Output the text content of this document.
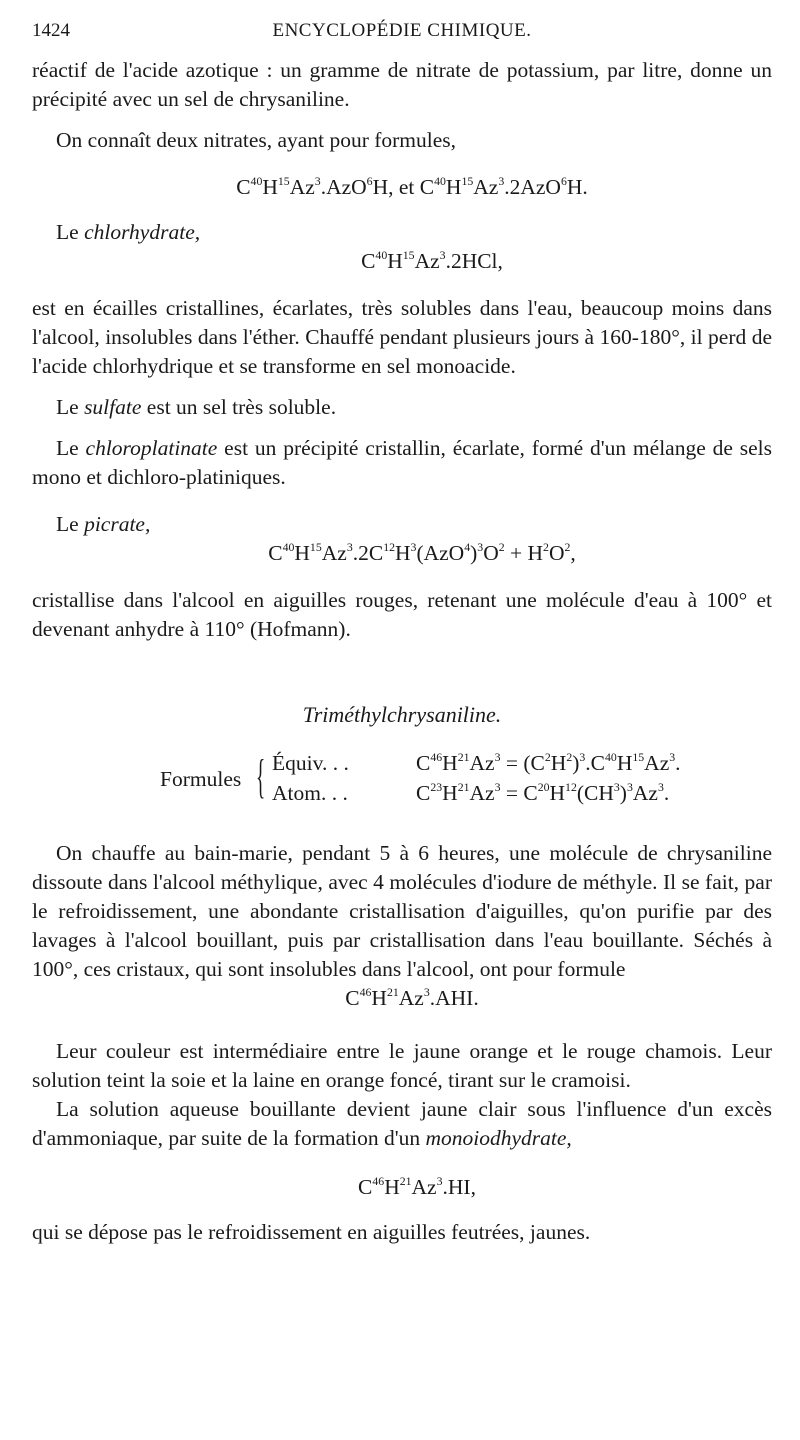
1424	ENCYCLOPÉDIE CHIMIQUE.

réactif de l'acide azotique : un gramme de nitrate de potassium, par litre, donne un précipité avec un sel de chrysaniline.

On connaît deux nitrates, ayant pour formules,

$C^{40}H^{15}Az^3.AzO^6H$, et $C^{40}H^{15}Az^3.2AzO^6H$.

Le chlorhydrate,

$C^{40}H^{15}Az^3.2HCl$,

est en écailles cristallines, écarlates, très solubles dans l'eau, beaucoup moins dans l'alcool, insolubles dans l'éther. Chauffé pendant plusieurs jours à 160-180°, il perd de l'acide chlorhydrique et se transforme en sel monoacide.

Le sulfate est un sel très soluble.

Le chloroplatinate est un précipité cristallin, écarlate, formé d'un mélange de sels mono et dichloro-platiniques.

Le picrate,

$C^{40}H^{15}Az^3.2C^{12}H^3(AzO^4)^3O^2 + H^2O^2$,

cristallise dans l'alcool en aiguilles rouges, retenant une molécule d'eau à 100° et devenant anhydre à 110° (Hofmann).

Triméthylchrysaniline.

Formules { Équiv. . .	$C^{46}H^{21}Az^3 = (C^2H^2)^3.C^{40}H^{15}Az^3$.
Atom. . .	$C^{23}H^{21}Az^3 = C^{20}H^{12}(CH^3)^3Az^3$.

On chauffe au bain-marie, pendant 5 à 6 heures, une molécule de chrysaniline dissoute dans l'alcool méthylique, avec 4 molécules d'iodure de méthyle. Il se fait, par le refroidissement, une abondante cristallisation d'aiguilles, qu'on purifie par des lavages à l'alcool bouillant, puis par cristallisation dans l'eau bouillante. Séchés à 100°, ces cristaux, qui sont insolubles dans l'alcool, ont pour formule

$C^{46}H^{21}Az^3.AHI$.

Leur couleur est intermédiaire entre le jaune orange et le rouge chamois. Leur solution teint la soie et la laine en orange foncé, tirant sur le cramoisi.

La solution aqueuse bouillante devient jaune clair sous l'influence d'un excès d'ammoniaque, par suite de la formation d'un monoiodhydrate,

$C^{46}H^{21}Az^3.HI$,

qui se dépose pas le refroidissement en aiguilles feutrées, jaunes.
